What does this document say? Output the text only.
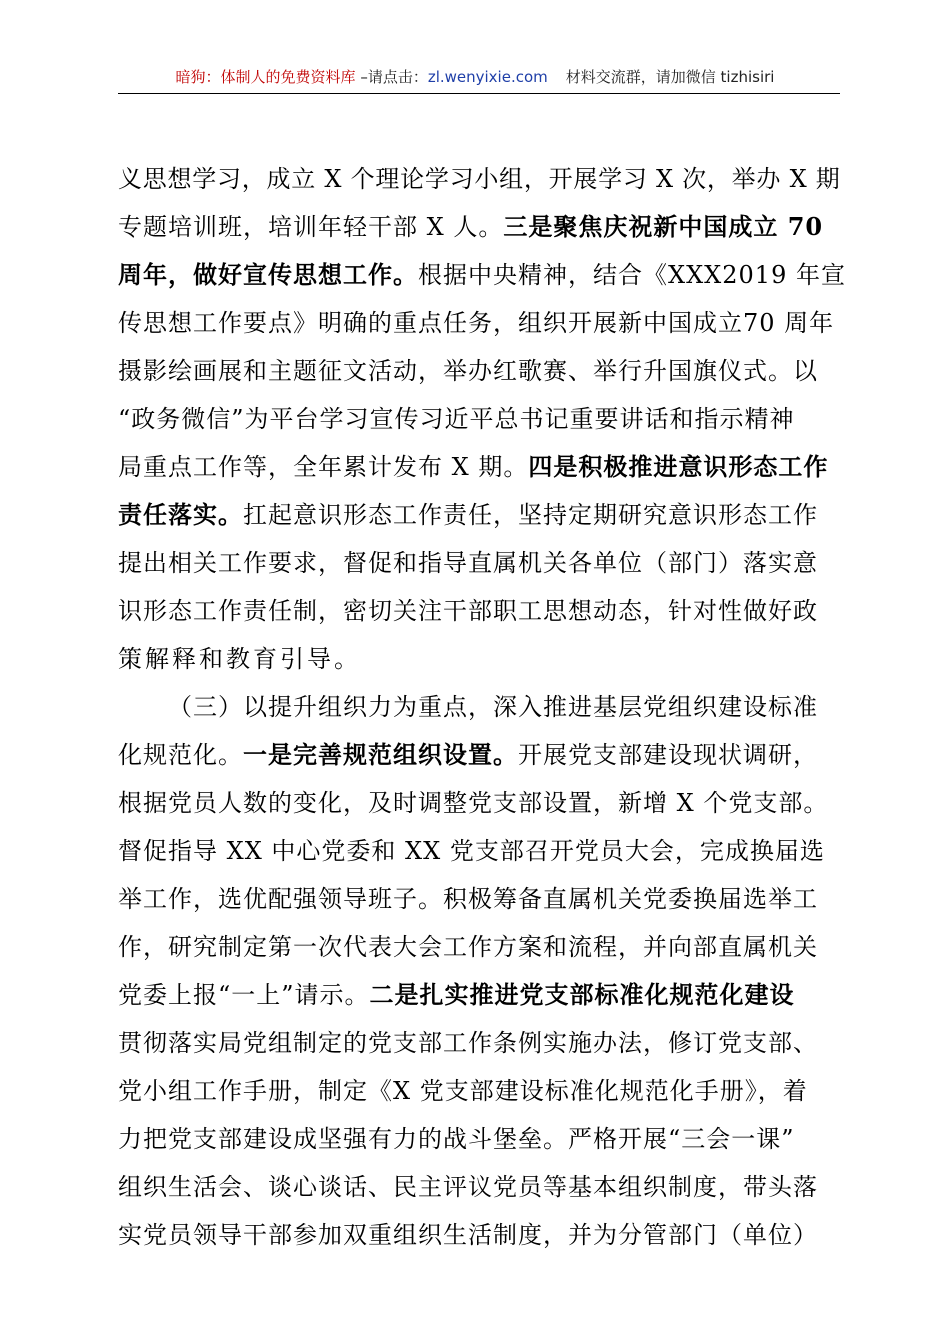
暗狗：体制人的免费资料库 –请点击：zl.wenyixie.com 材料交流群，请加微信 tizhisiri
义思想学习，成立 X 个理论学习小组，开展学习 X 次，举办 X 期
专题培训班，培训年轻干部 X 人。三是聚焦庆祝新中国成立 70
周年，做好宣传思想工作。根据中央精神，结合《XXX2019 年宣
传思想工作要点》明确的重点任务，组织开展新中国成立70 周年
摄影绘画展和主题征文活动，举办红歌赛、举行升国旗仪式。以
“政务微信”为平台学习宣传习近平总书记重要讲话和指示精神
局重点工作等，全年累计发布 X 期。四是积极推进意识形态工作
责任落实。扛起意识形态工作责任，坚持定期研究意识形态工作
提出相关工作要求，督促和指导直属机关各单位（部门）落实意
识形态工作责任制，密切关注干部职工思想动态，针对性做好政
策解释和教育引导。
（三）以提升组织力为重点，深入推进基层党组织建设标准
化规范化。一是完善规范组织设置。开展党支部建设现状调研，
根据党员人数的变化，及时调整党支部设置，新增 X 个党支部。
督促指导 XX 中心党委和 XX 党支部召开党员大会，完成换届选
举工作，选优配强领导班子。积极筹备直属机关党委换届选举工
作，研究制定第一次代表大会工作方案和流程，并向部直属机关
党委上报“一上”请示。二是扎实推进党支部标准化规范化建设
贯彻落实局党组制定的党支部工作条例实施办法，修订党支部、
党小组工作手册，制定《X 党支部建设标准化规范化手册》，着
力把党支部建设成坚强有力的战斗堡垒。严格开展“三会一课”
组织生活会、谈心谈话、民主评议党员等基本组织制度，带头落
实党员领导干部参加双重组织生活制度，并为分管部门（单位）
